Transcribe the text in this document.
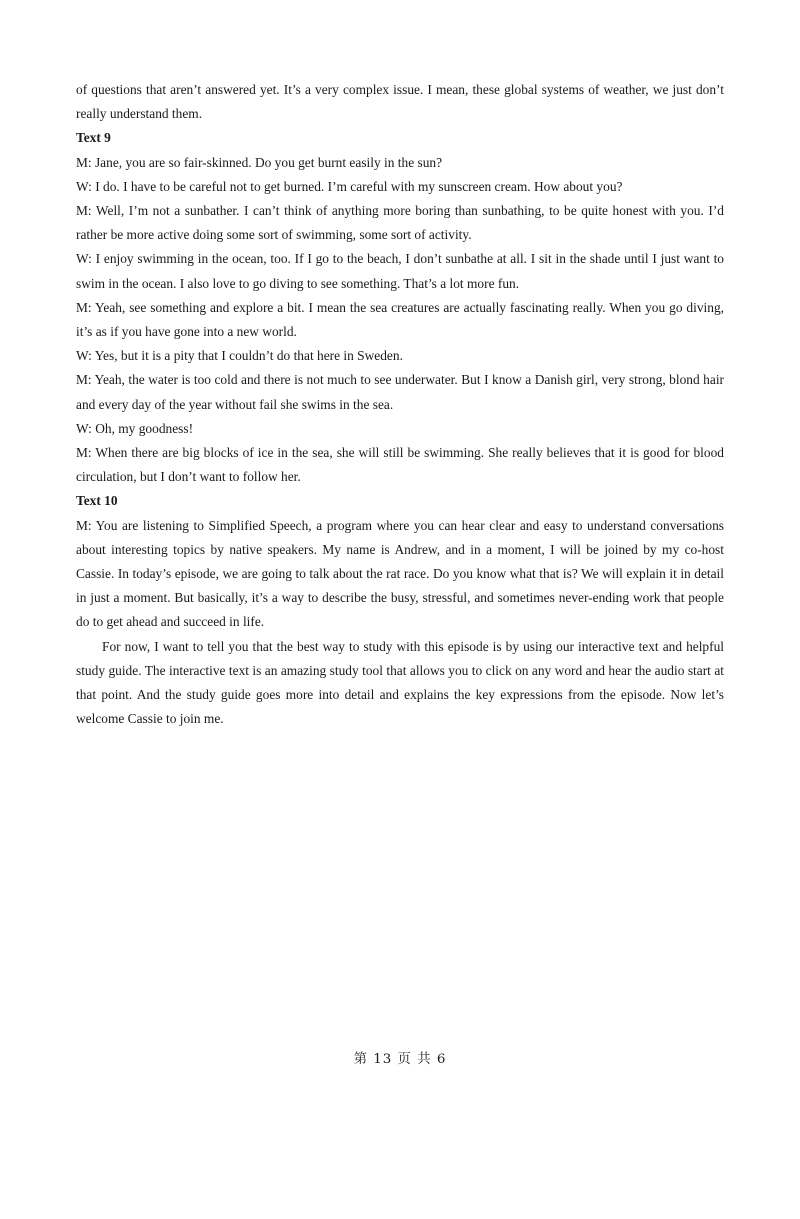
of questions that aren’t answered yet. It’s a very complex issue. I mean, these global systems of weather, we just don’t really understand them.

Text 9

M: Jane, you are so fair-skinned. Do you get burnt easily in the sun?

W: I do. I have to be careful not to get burned. I’m careful with my sunscreen cream. How about you?

M: Well, I’m not a sunbather. I can’t think of anything more boring than sunbathing, to be quite honest with you. I’d rather be more active doing some sort of swimming, some sort of activity.

W: I enjoy swimming in the ocean, too. If I go to the beach, I don’t sunbathe at all. I sit in the shade until I just want to swim in the ocean. I also love to go diving to see something. That’s a lot more fun.

M: Yeah, see something and explore a bit. I mean the sea creatures are actually fascinating really. When you go diving, it’s as if you have gone into a new world.

W: Yes, but it is a pity that I couldn’t do that here in Sweden.

M: Yeah, the water is too cold and there is not much to see underwater. But I know a Danish girl, very strong, blond hair and every day of the year without fail she swims in the sea.

W: Oh, my goodness!

M: When there are big blocks of ice in the sea, she will still be swimming. She really believes that it is good for blood circulation, but I don’t want to follow her.

Text 10

M: You are listening to Simplified Speech, a program where you can hear clear and easy to understand conversations about interesting topics by native speakers. My name is Andrew, and in a moment, I will be joined by my co-host Cassie. In today’s episode, we are going to talk about the rat race. Do you know what that is? We will explain it in detail in just a moment. But basically, it’s a way to describe the busy, stressful, and sometimes never-ending work that people do to get ahead and succeed in life.

For now, I want to tell you that the best way to study with this episode is by using our interactive text and helpful study guide. The interactive text is an amazing study tool that allows you to click on any word and hear the audio start at that point. And the study guide goes more into detail and explains the key expressions from the episode. Now let’s welcome Cassie to join me.

第 13 页 共 6
